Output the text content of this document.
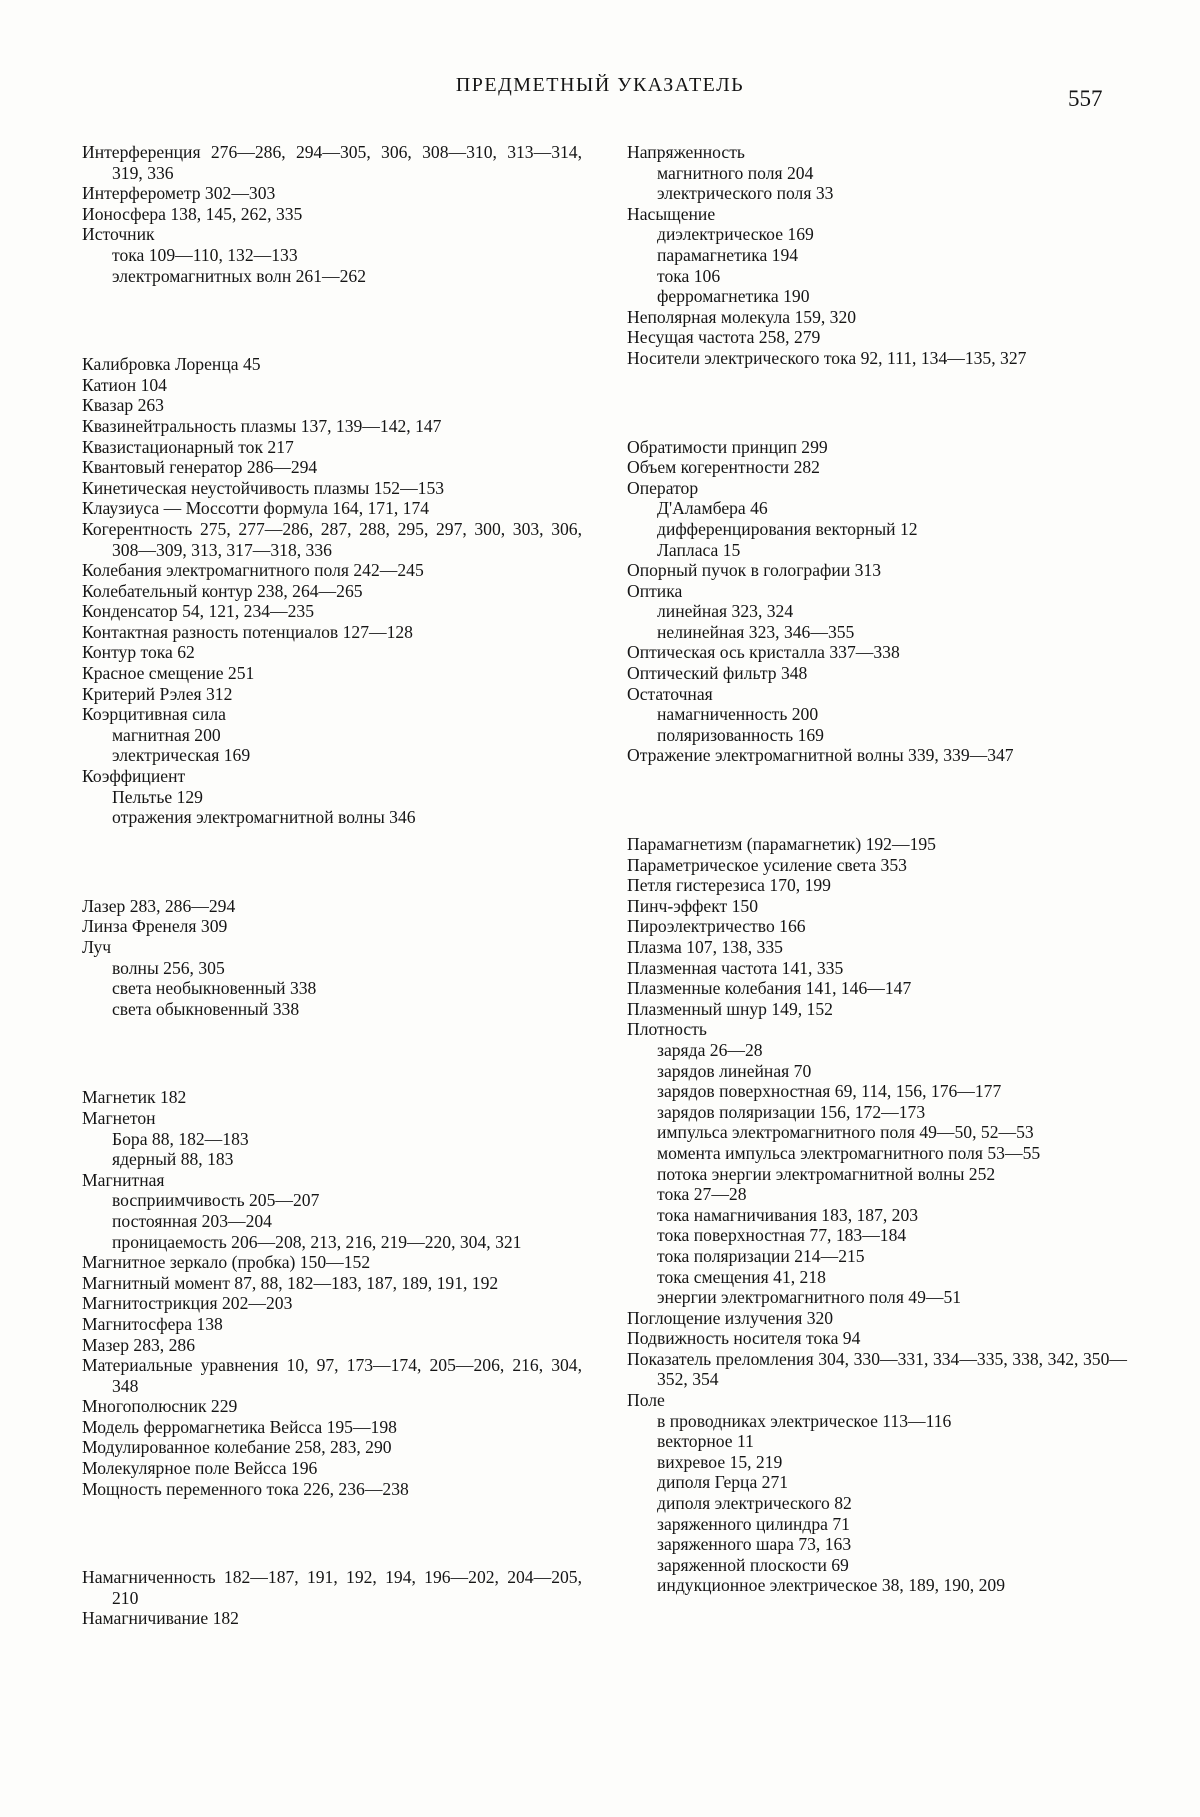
ПРЕДМЕТНЫЙ УКАЗАТЕЛЬ
557
Интерференция 276—286, 294—305, 306, 308—310, 313—314, 319, 336
Интерферометр 302—303
Ионосфера 138, 145, 262, 335
Источник
тока 109—110, 132—133
электромагнитных волн 261—262
Калибровка Лоренца 45
Катион 104
Квазар 263
Квазинейтральность плазмы 137, 139—142, 147
Квазистационарный ток 217
Квантовый генератор 286—294
Кинетическая неустойчивость плазмы 152—153
Клаузиуса — Моссотти формула 164, 171, 174
Когерентность 275, 277—286, 287, 288, 295, 297, 300, 303, 306, 308—309, 313, 317—318, 336
Колебания электромагнитного поля 242—245
Колебательный контур 238, 264—265
Конденсатор 54, 121, 234—235
Контактная разность потенциалов 127—128
Контур тока 62
Красное смещение 251
Критерий Рэлея 312
Коэрцитивная сила
магнитная 200
электрическая 169
Коэффициент
Пельтье 129
отражения электромагнитной волны 346
Лазер 283, 286—294
Линза Френеля 309
Луч
волны 256, 305
света необыкновенный 338
света обыкновенный 338
Магнетик 182
Магнетон
Бора 88, 182—183
ядерный 88, 183
Магнитная
восприимчивость 205—207
постоянная 203—204
проницаемость 206—208, 213, 216, 219—220, 304, 321
Магнитное зеркало (пробка) 150—152
Магнитный момент 87, 88, 182—183, 187, 189, 191, 192
Магнитострикция 202—203
Магнитосфера 138
Мазер 283, 286
Материальные уравнения 10, 97, 173—174, 205—206, 216, 304, 348
Многополюсник 229
Модель ферромагнетика Вейсса 195—198
Модулированное колебание 258, 283, 290
Молекулярное поле Вейсса 196
Мощность переменного тока 226, 236—238
Намагниченность 182—187, 191, 192, 194, 196—202, 204—205, 210
Намагничивание 182
Напряженность
магнитного поля 204
электрического поля 33
Насыщение
диэлектрическое 169
парамагнетика 194
тока 106
ферромагнетика 190
Неполярная молекула 159, 320
Несущая частота 258, 279
Носители электрического тока 92, 111, 134—135, 327
Обратимости принцип 299
Объем когерентности 282
Оператор
Д'Аламбера 46
дифференцирования векторный 12
Лапласа 15
Опорный пучок в голографии 313
Оптика
линейная 323, 324
нелинейная 323, 346—355
Оптическая ось кристалла 337—338
Оптический фильтр 348
Остаточная
намагниченность 200
поляризованность 169
Отражение электромагнитной волны 339, 339—347
Парамагнетизм (парамагнетик) 192—195
Параметрическое усиление света 353
Петля гистерезиса 170, 199
Пинч-эффект 150
Пироэлектричество 166
Плазма 107, 138, 335
Плазменная частота 141, 335
Плазменные колебания 141, 146—147
Плазменный шнур 149, 152
Плотность
заряда 26—28
зарядов линейная 70
зарядов поверхностная 69, 114, 156, 176—177
зарядов поляризации 156, 172—173
импульса электромагнитного поля 49—50, 52—53
момента импульса электромагнитного поля 53—55
потока энергии электромагнитной волны 252
тока 27—28
тока намагничивания 183, 187, 203
тока поверхностная 77, 183—184
тока поляризации 214—215
тока смещения 41, 218
энергии электромагнитного поля 49—51
Поглощение излучения 320
Подвижность носителя тока 94
Показатель преломления 304, 330—331, 334—335, 338, 342, 350—352, 354
Поле
в проводниках электрическое 113—116
векторное 11
вихревое 15, 219
диполя Герца 271
диполя электрического 82
заряженного цилиндра 71
заряженного шара 73, 163
заряженной плоскости 69
индукционное электрическое 38, 189, 190, 209
